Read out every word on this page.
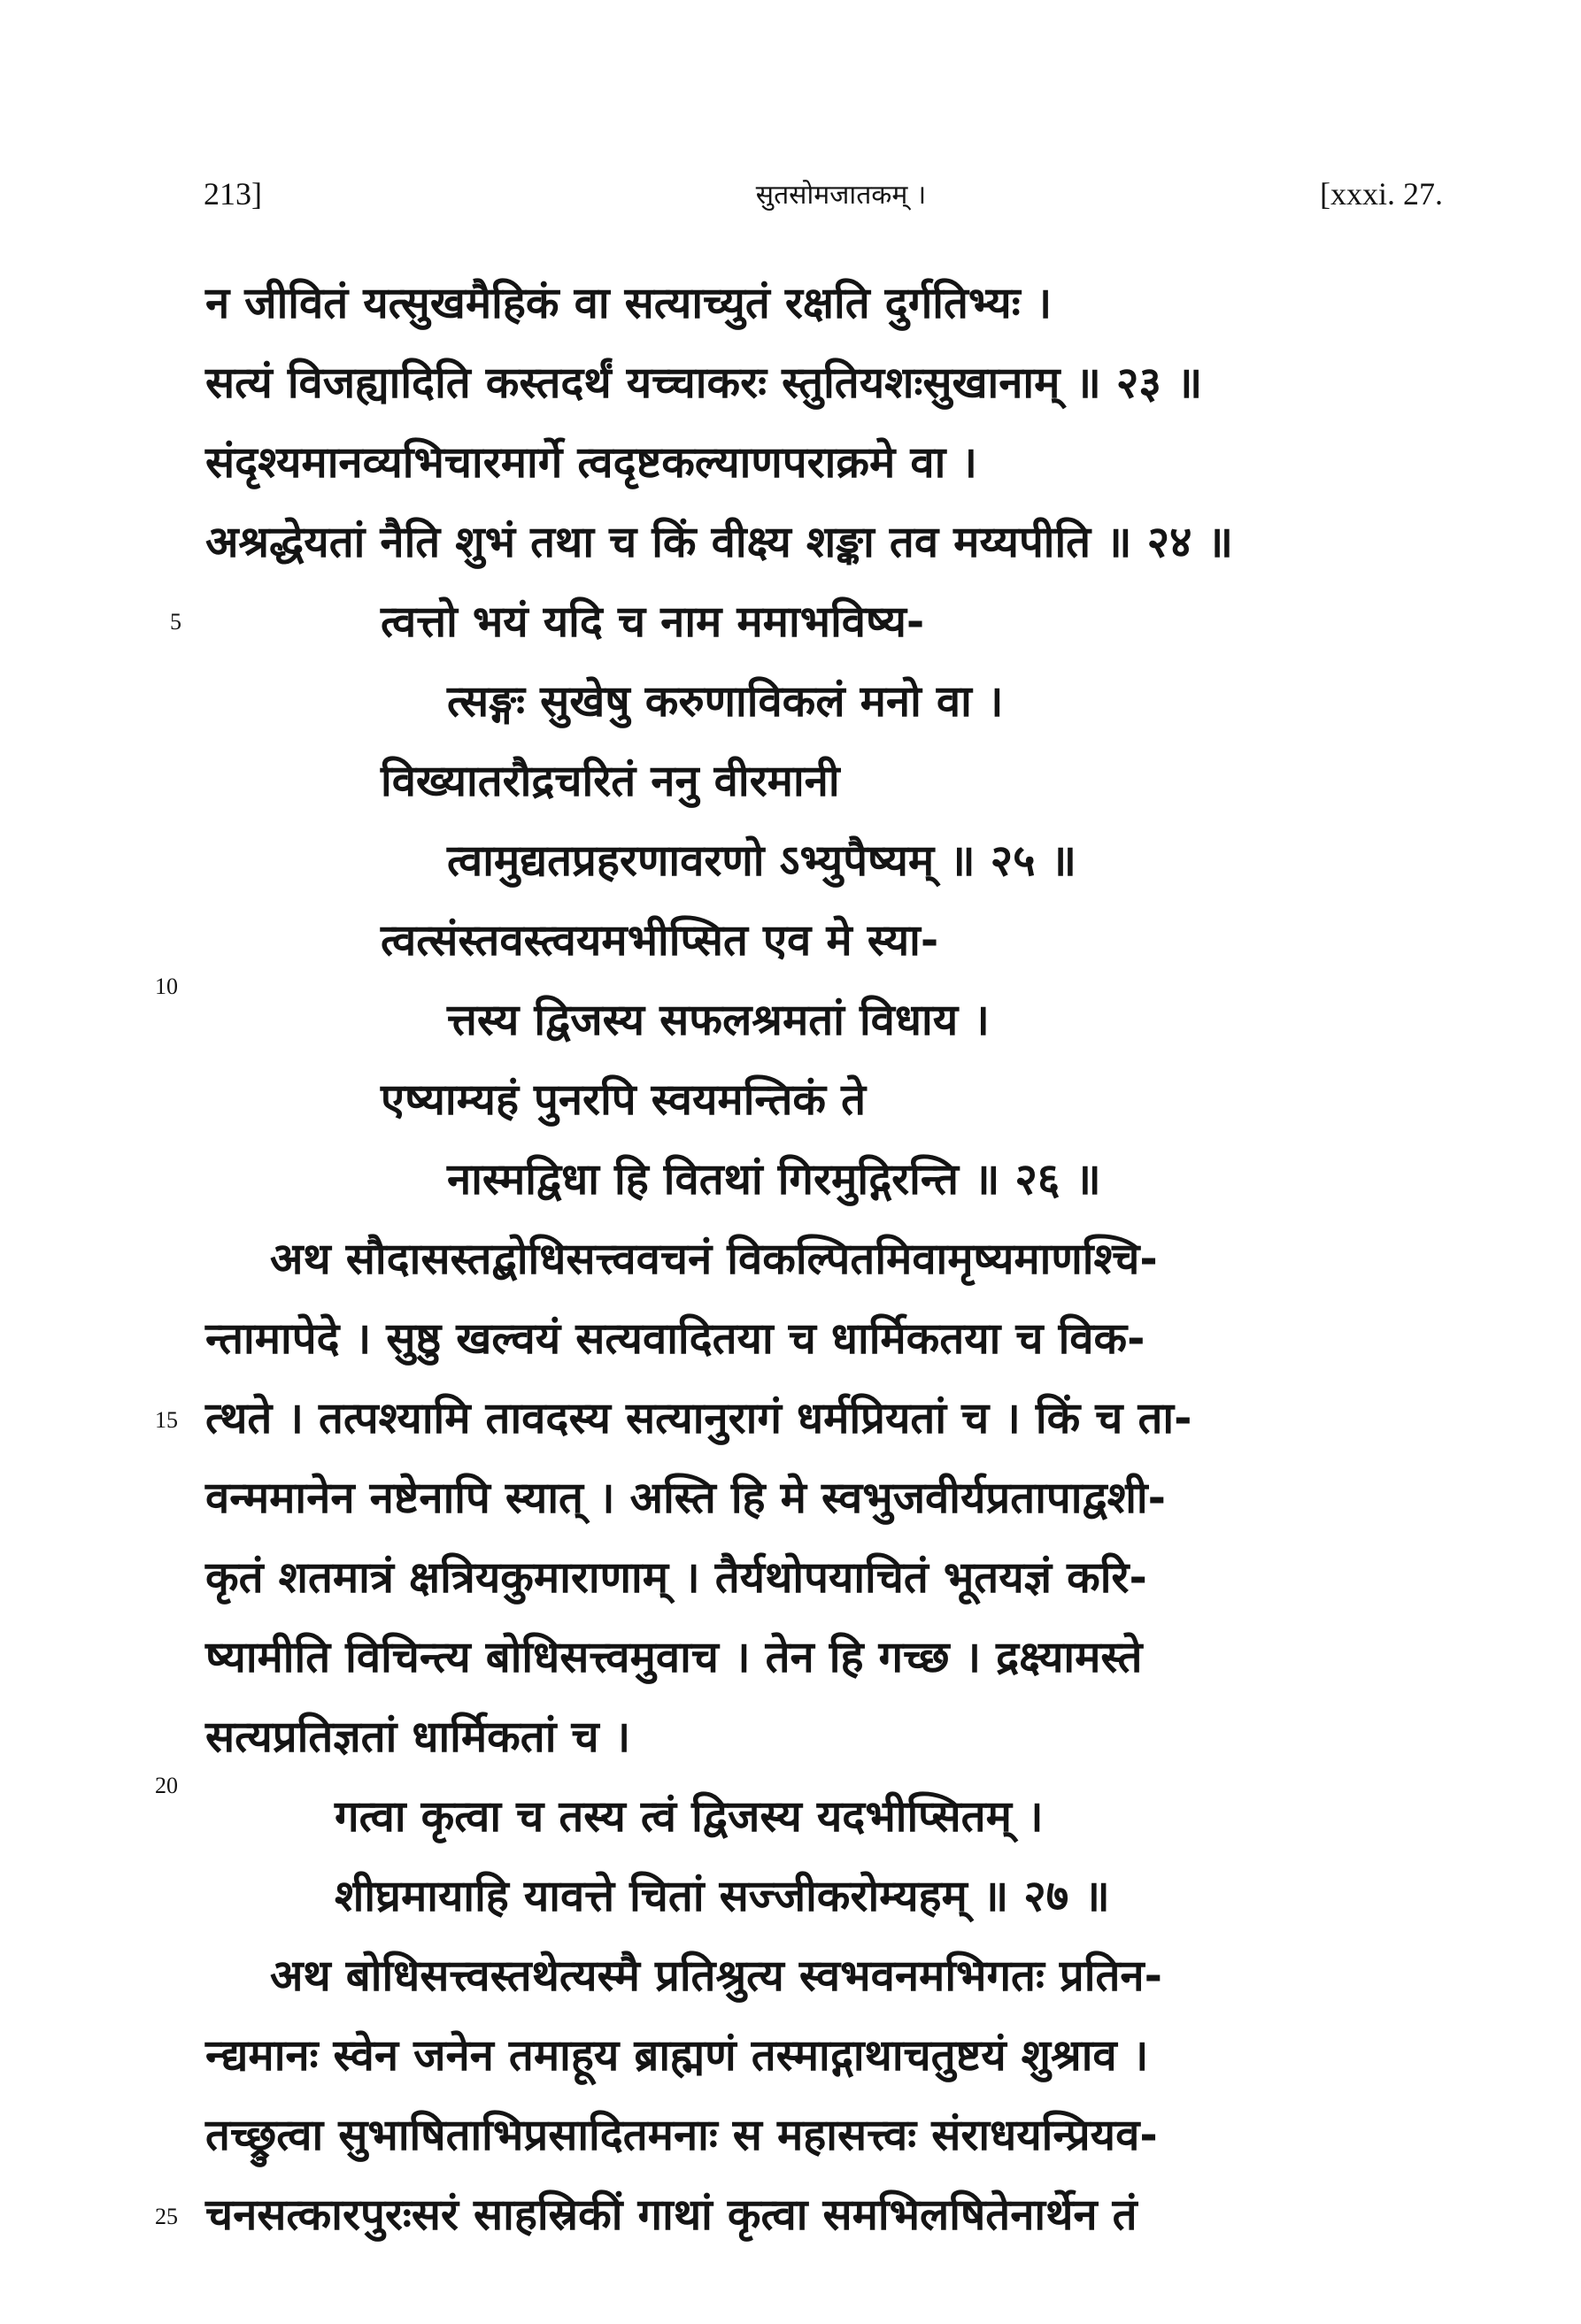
213]	सुतसोमजातकम् ।	[xxxi. 27.
न जीवितं यत्सुखमैहिकं वा सत्याच्युतं रक्षति दुर्गतिभ्यः ।
सत्यं विजह्यादिति कस्तदर्थं यच्चाकरः स्तुतियशःसुखानाम् ॥ २३ ॥
संदृश्यमानव्यभिचारमार्गे त्वदृष्टकल्याणपराक्रमे वा ।
अश्रद्धेयतां नैति शुभं तथा च किं वीक्ष्य शङ्का तव मय्यपीति ॥ २४ ॥
त्वत्तो भयं यदि च नाम ममाभविष्य-
त्सङ्गः सुखेषु करुणाविकलं मनो वा ।
विख्यातरौद्रचरितं ननु वीरमानी
त्वामुद्यतप्रहरणावरणो ऽभ्युपैष्यम् ॥ २५ ॥
त्वत्संस्तवस्त्वयमभीप्सित एव मे स्या-
त्तस्य द्विजस्य सफलश्रमतां विधाय ।
एष्याम्यहं पुनरपि स्वयमन्तिकं ते
नास्मद्विधा हि वितथां गिरमुद्गिरन्ति ॥ २६ ॥
अथ सौदासस्तद्बोधिसत्त्ववचनं विकल्पितमिवामृष्यमाणश्चि-
न्तामापेदे । सुष्ठु खल्वयं सत्यवादितया च धार्मिकतया च विक-
त्थते । तत्पश्यामि तावदस्य सत्यानुरागं धर्मप्रियतां च । किं च ता-
वन्ममानेन नष्टेनापि स्यात् । अस्ति हि मे स्वभुजवीर्यप्रतापाद्वशी-
कृतं शतमात्रं क्षत्रियकुमाराणाम् । तैर्यथोपयाचितं भूतयज्ञं करि-
ष्यामीति विचिन्त्य बोधिसत्त्वमुवाच । तेन हि गच्छ । द्रक्ष्यामस्ते
सत्यप्रतिज्ञतां धार्मिकतां च ।
गत्वा कृत्वा च तस्य त्वं द्विजस्य यदभीप्सितम् ।
शीघ्रमायाहि यावत्ते चितां सज्जीकरोम्यहम् ॥ २७ ॥
अथ बोधिसत्त्वस्तथेत्यस्मै प्रतिश्रुत्य स्वभवनमभिगतः प्रतिन-
न्द्यमानः स्वेन जनेन तमाहूय ब्राह्मणं तस्माद्गाथाचतुष्टयं शुश्राव ।
तच्छ्रुत्वा सुभाषिताभिप्रसादितमनाः स महासत्त्वः संराधयन्प्रियव-
चनसत्कारपुरःसरं साहस्रिकीं गाथां कृत्वा समभिलषितेनार्थेन तं
5
10
15
20
25
